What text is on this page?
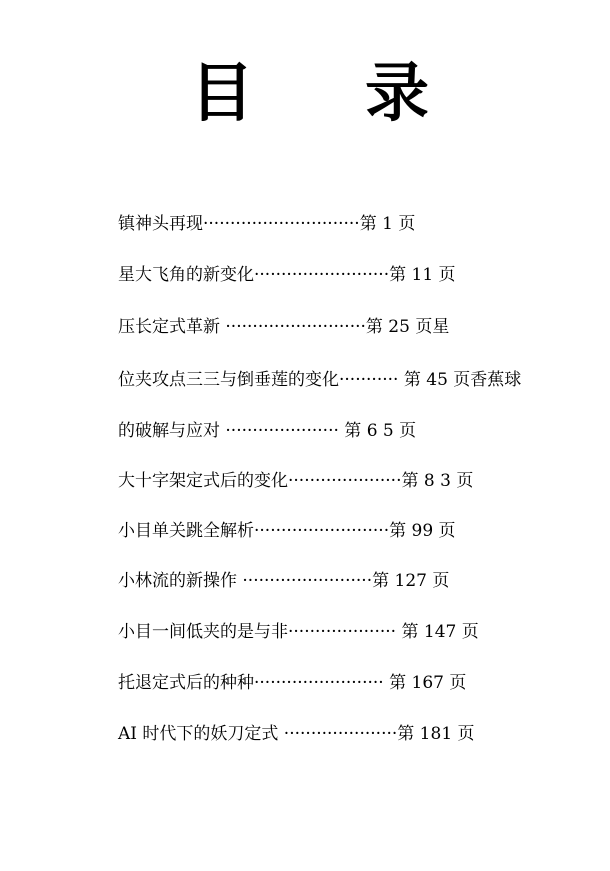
目 录
镇神头再现·····························第 1 页
星大飞角的新变化·························第 11 页
压长定式革新 ··························第 25 页星
位夹攻点三三与倒垂莲的变化··········· 第 45 页香蕉球
的破解与应对 ····················· 第 6 5 页
大十字架定式后的变化·····················第 8 3 页
小目单关跳全解析·························第 99 页
小林流的新操作 ························第 127 页
小目一间低夹的是与非···················· 第 147 页
托退定式后的种种························ 第 167 页
AI 时代下的妖刀定式 ·····················第 181 页
